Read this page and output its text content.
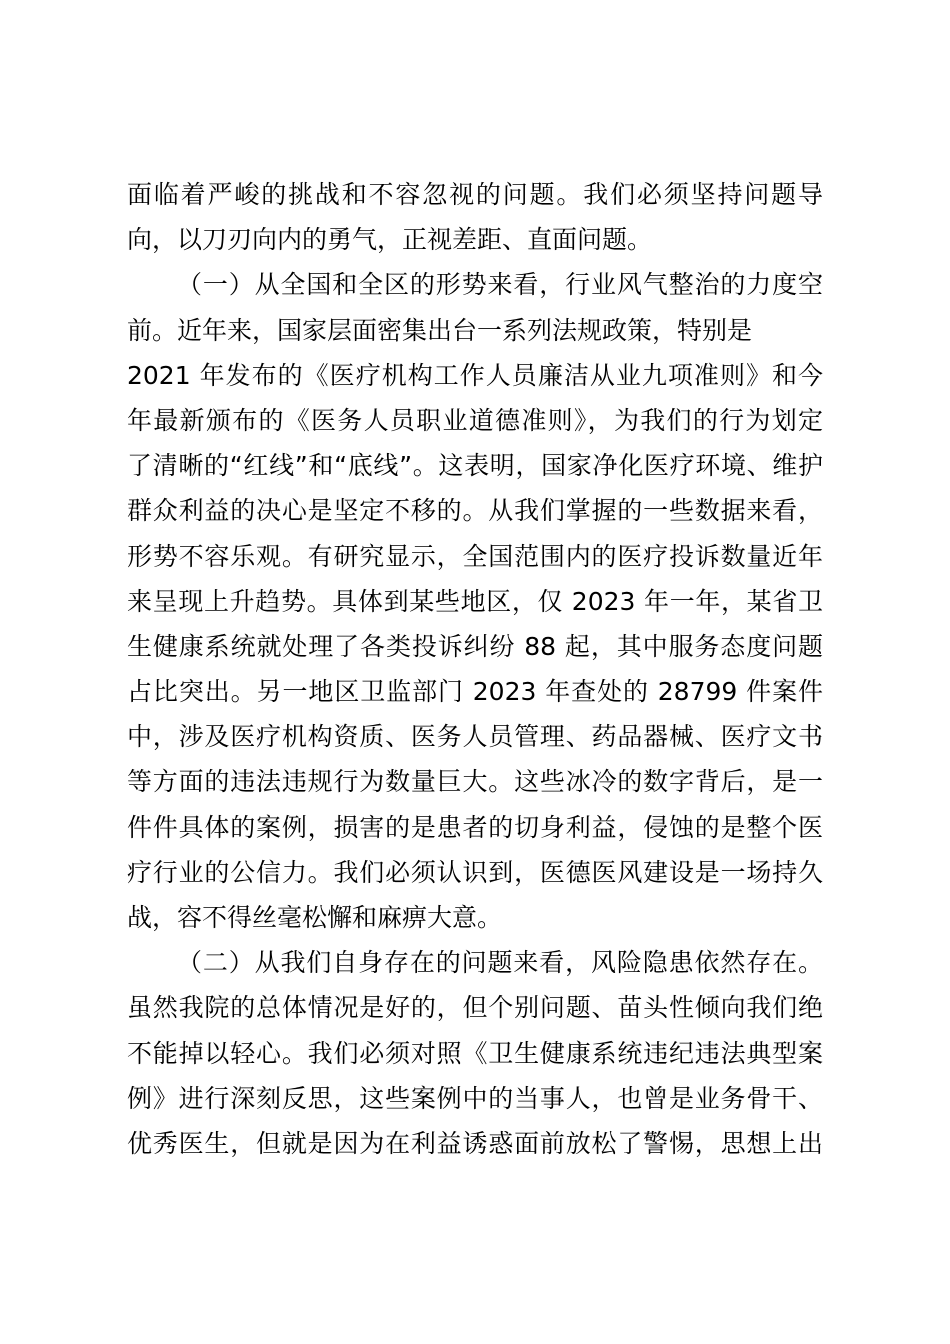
面临着严峻的挑战和不容忽视的问题。我们必须坚持问题导
向，以刀刃向内的勇气，正视差距、直面问题。
（一）从全国和全区的形势来看，行业风气整治的力度空
前。近年来，国家层面密集出台一系列法规政策，特别是
2021 年发布的《医疗机构工作人员廉洁从业九项准则》和今
年最新颁布的《医务人员职业道德准则》，为我们的行为划定
了清晰的“红线”和“底线”。这表明，国家净化医疗环境、维护
群众利益的决心是坚定不移的。从我们掌握的一些数据来看，
形势不容乐观。有研究显示，全国范围内的医疗投诉数量近年
来呈现上升趋势。具体到某些地区，仅 2023 年一年，某省卫
生健康系统就处理了各类投诉纠纷 88 起，其中服务态度问题
占比突出。另一地区卫监部门 2023 年查处的 28799 件案件
中，涉及医疗机构资质、医务人员管理、药品器械、医疗文书
等方面的违法违规行为数量巨大。这些冰冷的数字背后，是一
件件具体的案例，损害的是患者的切身利益，侵蚀的是整个医
疗行业的公信力。我们必须认识到，医德医风建设是一场持久
战，容不得丝毫松懈和麻痹大意。
（二）从我们自身存在的问题来看，风险隐患依然存在。
虽然我院的总体情况是好的，但个别问题、苗头性倾向我们绝
不能掉以轻心。我们必须对照《卫生健康系统违纪违法典型案
例》进行深刻反思，这些案例中的当事人，也曾是业务骨干、
优秀医生，但就是因为在利益诱惑面前放松了警惕，思想上出
